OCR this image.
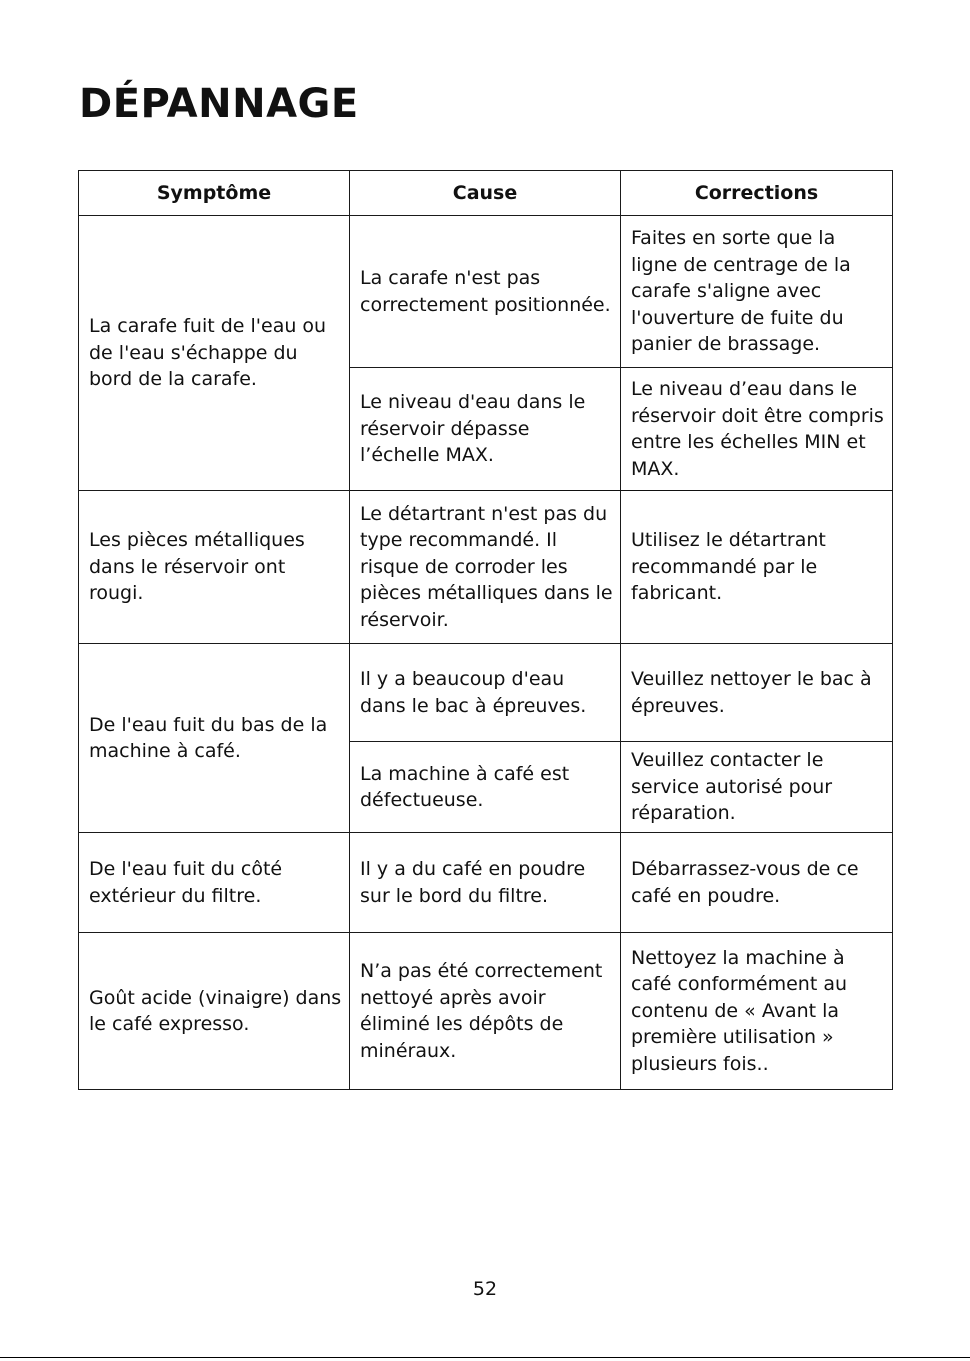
DÉPANNAGE
Symptôme	Cause	Corrections
La carafe fuit de l'eau ou de l'eau s'échappe du bord de la carafe.	La carafe n'est pas correctement positionnée.	Faites en sorte que la ligne de centrage de la carafe s'aligne avec l'ouverture de fuite du panier de brassage.
	Le niveau d'eau dans le réservoir dépasse l’échelle MAX.	Le niveau d’eau dans le réservoir doit être compris entre les échelles MIN et MAX.
Les pièces métalliques dans le réservoir ont rougi.	Le détartrant n'est pas du type recommandé. Il risque de corroder les pièces métalliques dans le réservoir.	Utilisez le détartrant recommandé par le fabricant.
De l'eau fuit du bas de la machine à café.	Il y a beaucoup d'eau dans le bac à épreuves.	Veuillez nettoyer le bac à épreuves.
	La machine à café est défectueuse.	Veuillez contacter le service autorisé pour réparation.
De l'eau fuit du côté extérieur du filtre.	Il y a du café en poudre sur le bord du filtre.	Débarrassez-vous de ce café en poudre.
Goût acide (vinaigre) dans le café expresso.	N’a pas été correctement nettoyé après avoir éliminé les dépôts de minéraux.	Nettoyez la machine à café conformément au contenu de « Avant la première utilisation » plusieurs fois..
52
